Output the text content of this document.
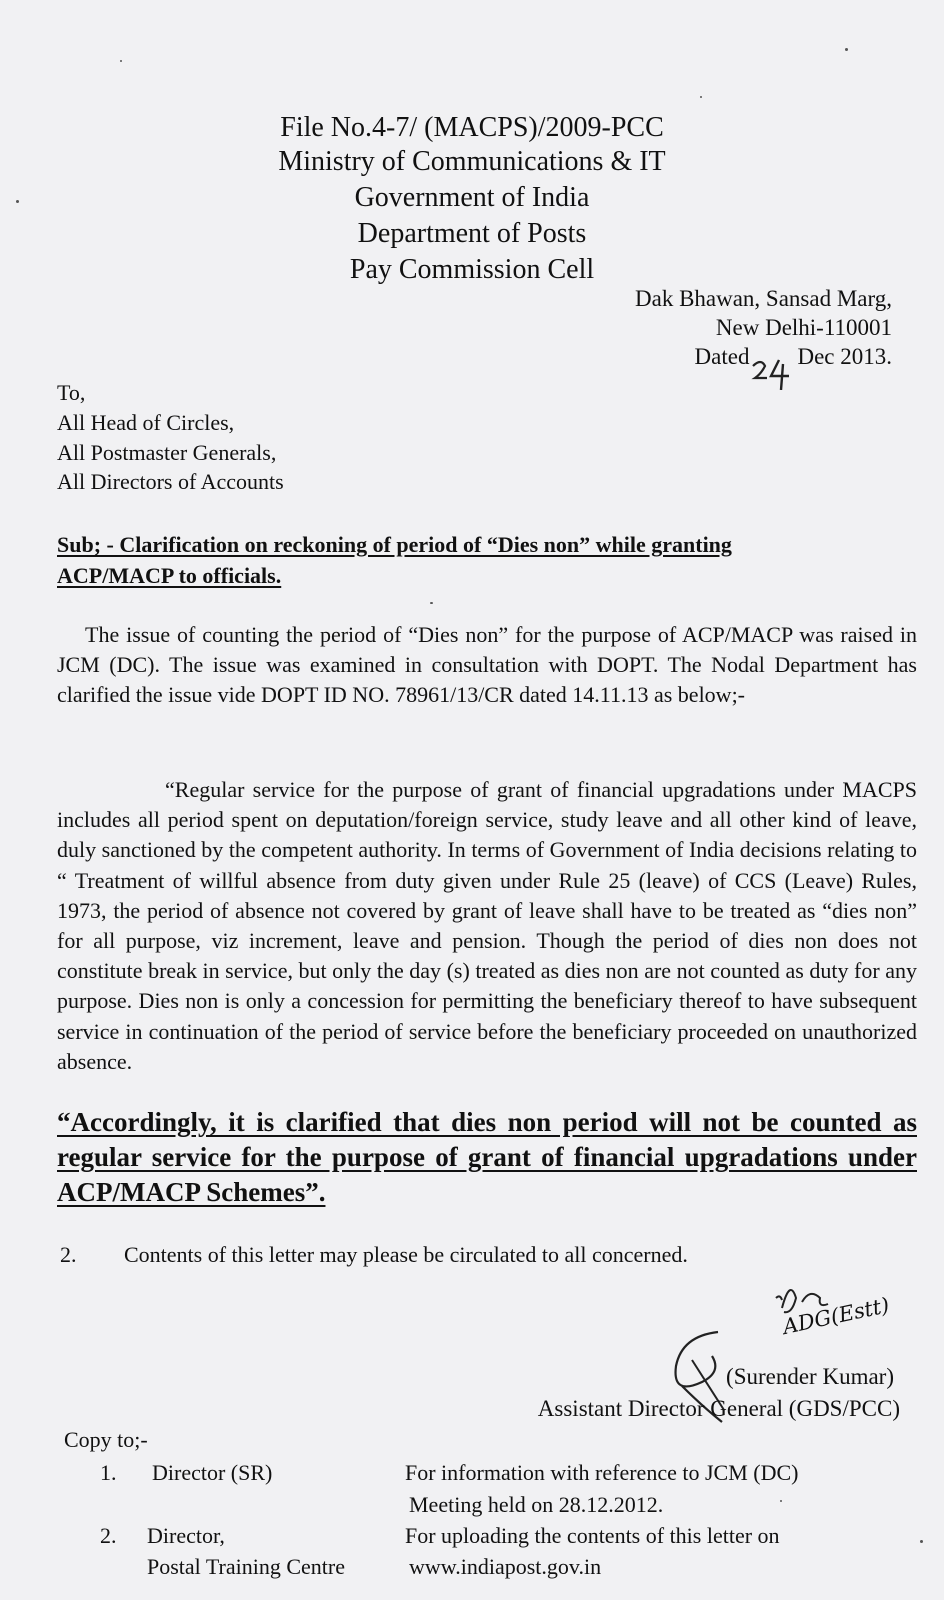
File No.4-7/ (MACPS)/2009-PCC
Ministry of Communications & IT
Government of India
Department of Posts
Pay Commission Cell
Dak Bhawan, Sansad Marg,
New Delhi-110001
Dated Dec 2013.
To,
All Head of Circles,
All Postmaster Generals,
All Directors of Accounts
Sub; - Clarification on reckoning of period of “Dies non” while granting
ACP/MACP to officials.
The issue of counting the period of “Dies non” for the purpose of ACP/MACP was raised in JCM (DC). The issue was examined in consultation with DOPT. The Nodal Department has clarified the issue vide DOPT ID NO. 78961/13/CR dated 14.11.13 as below;-
“Regular service for the purpose of grant of financial upgradations under MACPS includes all period spent on deputation/foreign service, study leave and all other kind of leave, duly sanctioned by the competent authority. In terms of Government of India decisions relating to “ Treatment of willful absence from duty given under Rule 25 (leave) of CCS (Leave) Rules, 1973, the period of absence not covered by grant of leave shall have to be treated as “dies non” for all purpose, viz increment, leave and pension. Though the period of dies non does not constitute break in service, but only the day (s) treated as dies non are not counted as duty for any purpose. Dies non is only a concession for permitting the beneficiary thereof to have subsequent service in continuation of the period of service before the beneficiary proceeded on unauthorized absence.
“Accordingly, it is clarified that dies non period will not be counted as regular service for the purpose of grant of financial upgradations under ACP/MACP Schemes”.
2. Contents of this letter may please be circulated to all concerned.
ADG(Estt)
(Surender Kumar)
Assistant Director General (GDS/PCC)
Copy to;-
1. Director (SR)	For information with reference to JCM (DC)
Meeting held on 28.12.2012.
2. Director,
Postal Training Centre
For uploading the contents of this letter on
www.indiapost.gov.in
